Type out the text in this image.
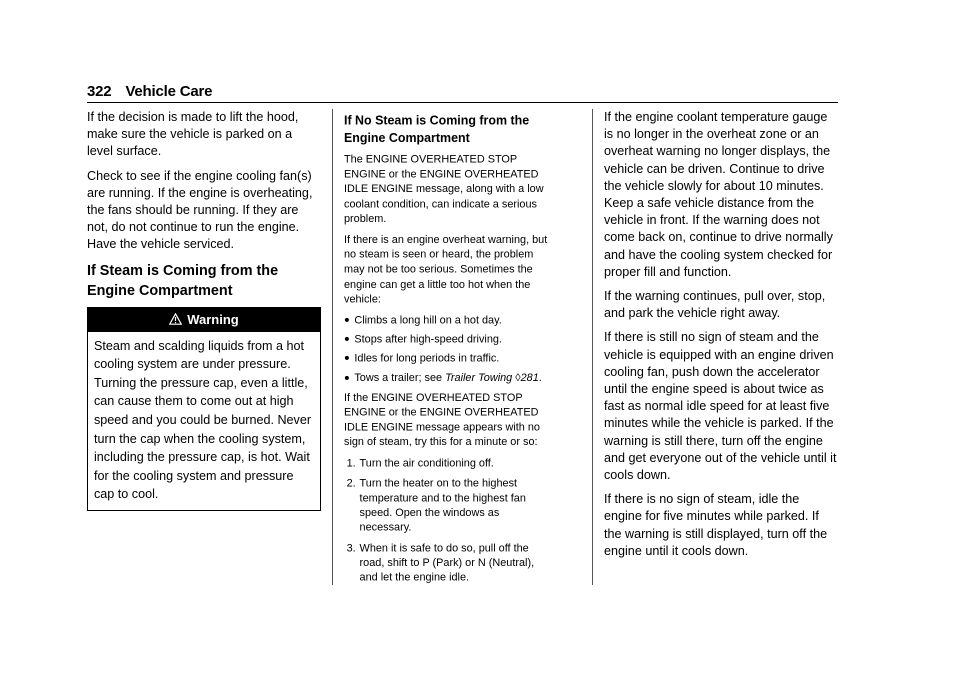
322 Vehicle Care

If the decision is made to lift the hood, make sure the vehicle is parked on a level surface.

Check to see if the engine cooling fan(s) are running. If the engine is overheating, the fans should be running. If they are not, do not continue to run the engine. Have the vehicle serviced.

If Steam is Coming from the Engine Compartment
Warning
Steam and scalding liquids from a hot cooling system are under pressure. Turning the pressure cap, even a little, can cause them to come out at high speed and you could be burned. Never turn the cap when the cooling system, including the pressure cap, is hot. Wait for the cooling system and pressure cap to cool.
If No Steam is Coming from the Engine Compartment

The ENGINE OVERHEATED STOP ENGINE or the ENGINE OVERHEATED IDLE ENGINE message, along with a low coolant condition, can indicate a serious problem.

If there is an engine overheat warning, but no steam is seen or heard, the problem may not be too serious. Sometimes the engine can get a little too hot when the vehicle:

● Climbs a long hill on a hot day.
● Stops after high-speed driving.
● Idles for long periods in traffic.
● Tows a trailer; see Trailer Towing ◊281.

If the ENGINE OVERHEATED STOP ENGINE or the ENGINE OVERHEATED IDLE ENGINE message appears with no sign of steam, try this for a minute or so:

1. Turn the air conditioning off.
2. Turn the heater on to the highest temperature and to the highest fan speed. Open the windows as necessary.
3. When it is safe to do so, pull off the road, shift to P (Park) or N (Neutral), and let the engine idle.

If the engine coolant temperature gauge is no longer in the overheat zone or an overheat warning no longer displays, the vehicle can be driven. Continue to drive the vehicle slowly for about 10 minutes. Keep a safe vehicle distance from the vehicle in front. If the warning does not come back on, continue to drive normally and have the cooling system checked for proper fill and function.

If the warning continues, pull over, stop, and park the vehicle right away.

If there is still no sign of steam and the vehicle is equipped with an engine driven cooling fan, push down the accelerator until the engine speed is about twice as fast as normal idle speed for at least five minutes while the vehicle is parked. If the warning is still there, turn off the engine and get everyone out of the vehicle until it cools down.

If there is no sign of steam, idle the engine for five minutes while parked. If the warning is still displayed, turn off the engine until it cools down.
